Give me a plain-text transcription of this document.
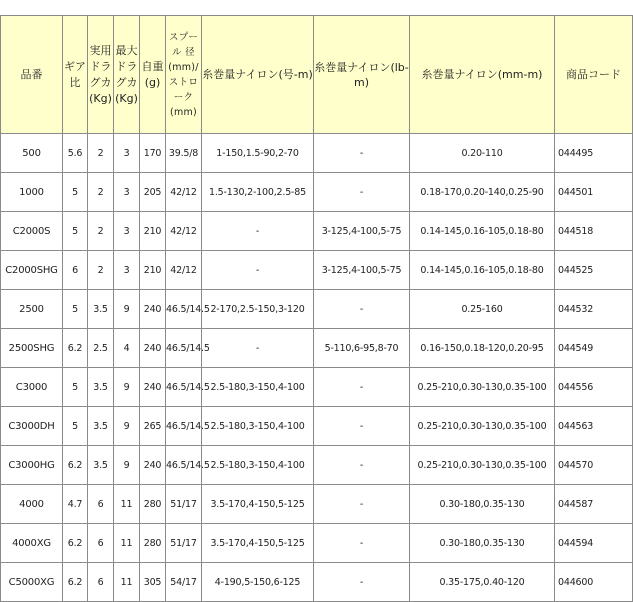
品番	ギア比	実用ドラグカ(Kg)	最大ドラグカ(Kg)	自重(g)	スプール 径(mm)/ストローク(mm)	糸巻量ナイロン(号-m)	糸巻量ナイロン(lb-m)	糸巻量ナイロン(mm-m)	商品コード
500	5.6	2	3	170	39.5/8	1-150,1.5-90,2-70	-	0.20-110	044495
1000	5	2	3	205	42/12	1.5-130,2-100,2.5-85	-	0.18-170,0.20-140,0.25-90	044501
C2000S	5	2	3	210	42/12	-	3-125,4-100,5-75	0.14-145,0.16-105,0.18-80	044518
C2000SHG	6	2	3	210	42/12	-	3-125,4-100,5-75	0.14-145,0.16-105,0.18-80	044525
2500	5	3.5	9	240	46.5/14.5	2-170,2.5-150,3-120	-	0.25-160	044532
2500SHG	6.2	2.5	4	240	46.5/14.5	-	5-110,6-95,8-70	0.16-150,0.18-120,0.20-95	044549
C3000	5	3.5	9	240	46.5/14.5	2.5-180,3-150,4-100	-	0.25-210,0.30-130,0.35-100	044556
C3000DH	5	3.5	9	265	46.5/14.5	2.5-180,3-150,4-100	-	0.25-210,0.30-130,0.35-100	044563
C3000HG	6.2	3.5	9	240	46.5/14.5	2.5-180,3-150,4-100	-	0.25-210,0.30-130,0.35-100	044570
4000	4.7	6	11	280	51/17	3.5-170,4-150,5-125	-	0.30-180,0.35-130	044587
4000XG	6.2	6	11	280	51/17	3.5-170,4-150,5-125	-	0.30-180,0.35-130	044594
C5000XG	6.2	6	11	305	54/17	4-190,5-150,6-125	-	0.35-175,0.40-120	044600
